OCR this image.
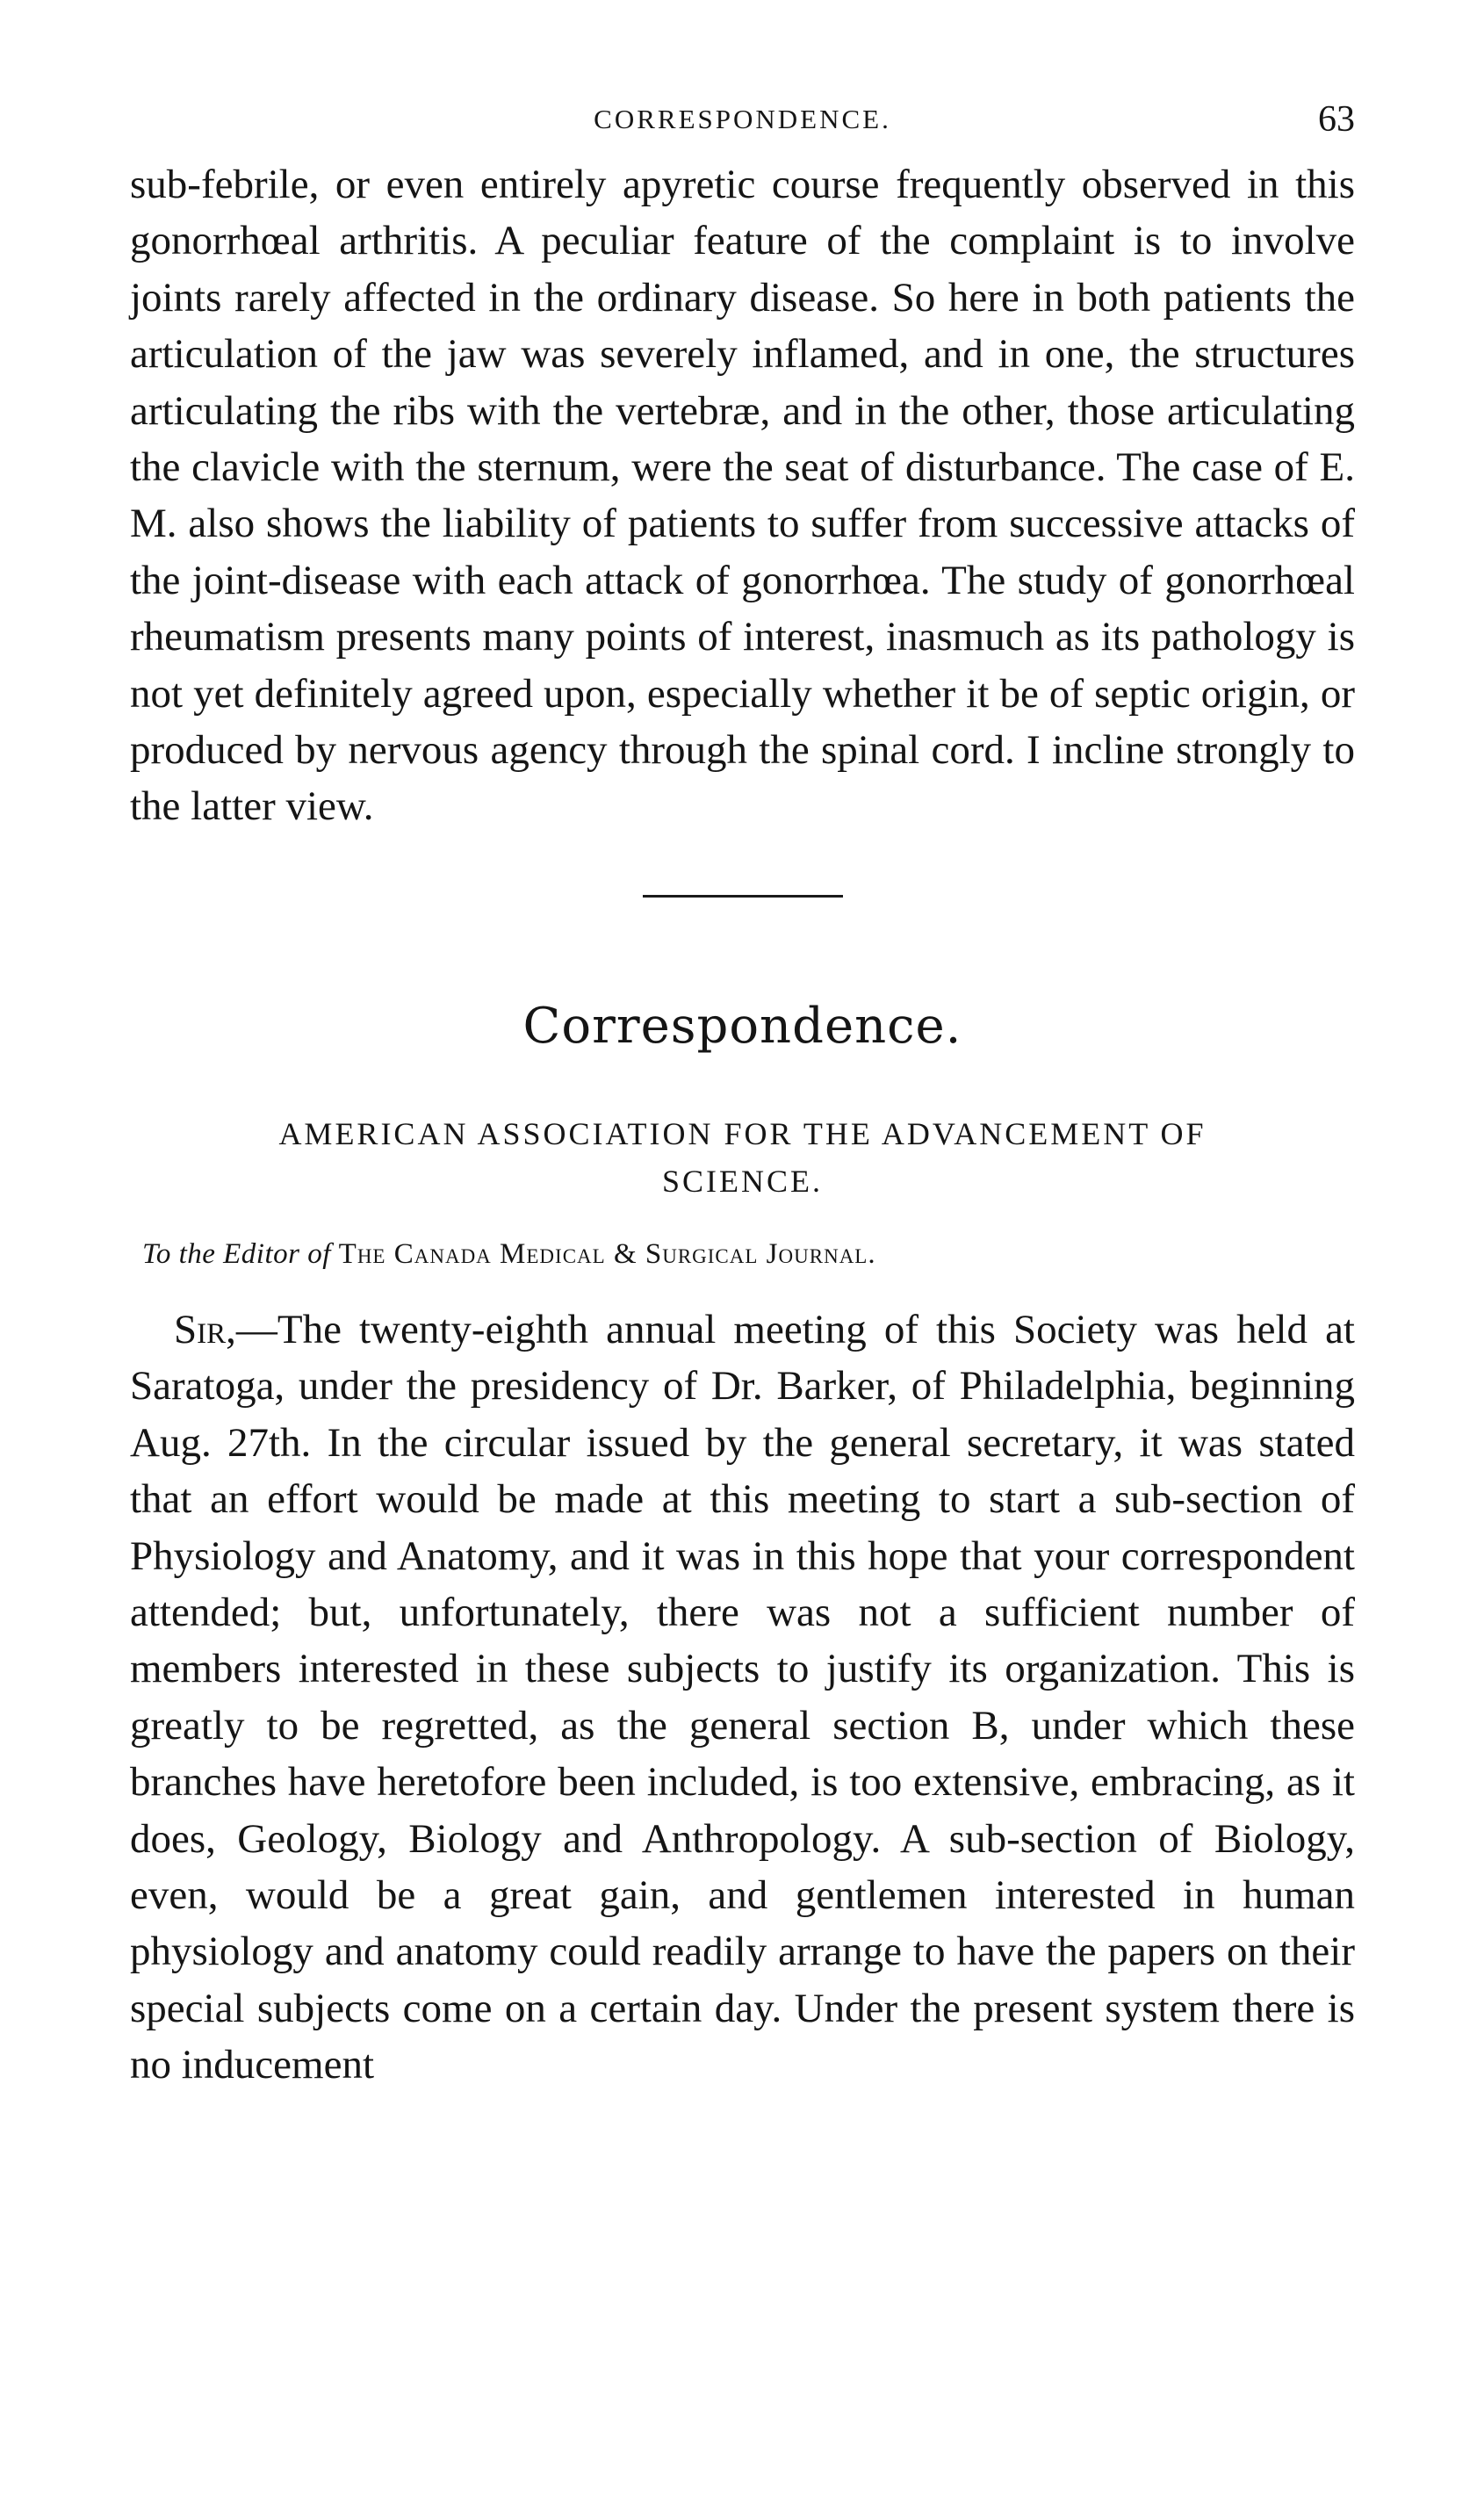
CORRESPONDENCE.	63

sub-febrile, or even entirely apyretic course frequently observed in this gonorrhœal arthritis. A peculiar feature of the complaint is to involve joints rarely affected in the ordinary disease. So here in both patients the articulation of the jaw was severely inflamed, and in one, the structures articulating the ribs with the vertebræ, and in the other, those articulating the clavicle with the sternum, were the seat of disturbance. The case of E. M. also shows the liability of patients to suffer from successive attacks of the joint-disease with each attack of gonorrhœa. The study of gonorrhœal rheumatism presents many points of interest, inasmuch as its pathology is not yet definitely agreed upon, especially whether it be of septic origin, or produced by nervous agency through the spinal cord. I incline strongly to the latter view.

Correspondence.
AMERICAN ASSOCIATION FOR THE ADVANCEMENT OF
SCIENCE.
To the Editor of The Canada Medical & Surgical Journal.

Sir,—The twenty-eighth annual meeting of this Society was held at Saratoga, under the presidency of Dr. Barker, of Philadelphia, beginning Aug. 27th. In the circular issued by the general secretary, it was stated that an effort would be made at this meeting to start a sub-section of Physiology and Anatomy, and it was in this hope that your correspondent attended; but, unfortunately, there was not a sufficient number of members interested in these subjects to justify its organization. This is greatly to be regretted, as the general section B, under which these branches have heretofore been included, is too extensive, embracing, as it does, Geology, Biology and Anthropology. A sub-section of Biology, even, would be a great gain, and gentlemen interested in human physiology and anatomy could readily arrange to have the papers on their special subjects come on a certain day. Under the present system there is no inducement
